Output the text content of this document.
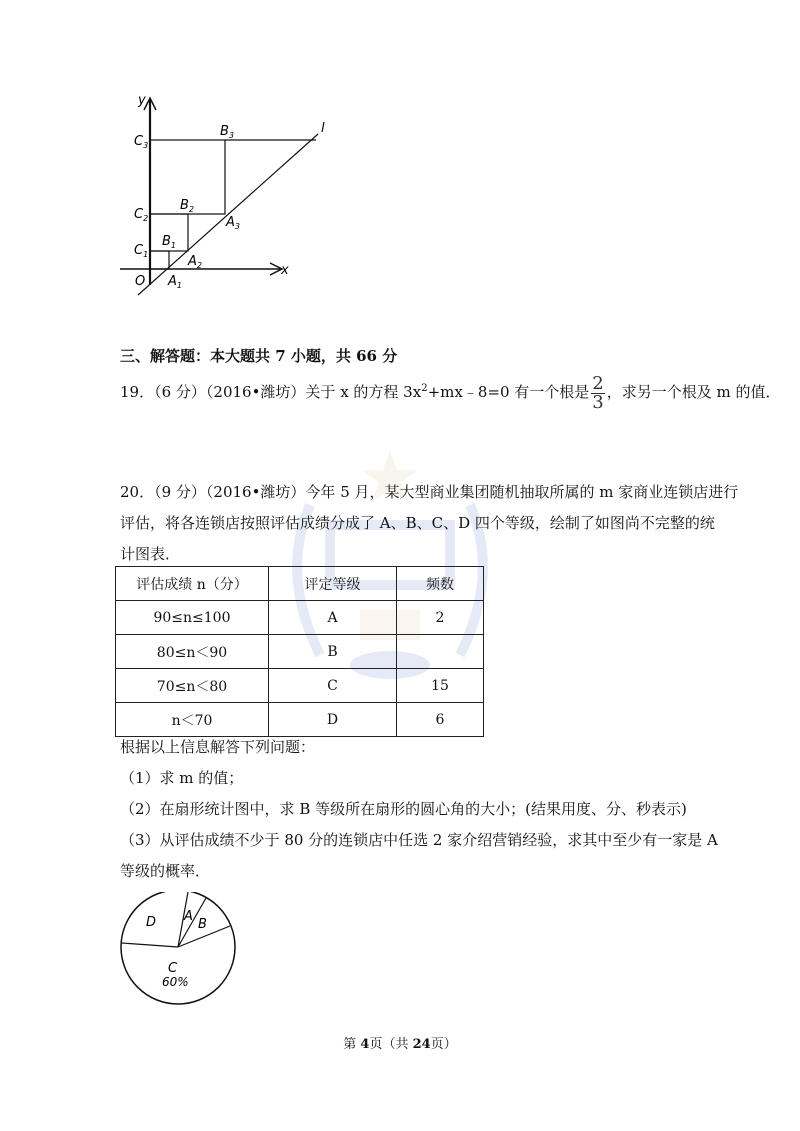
y
x
l
O
$C_3$
$C_2$
$C_1$
$B_3$
$B_2$
$B_1$
$A_3$
$A_2$
$A_1$
三、解答题：本大题共 7 小题，共 66 分
19．（6 分）（2016•潍坊）关于 x 的方程 $3x^2+mx﹣8=0$ 有一个根是 $\frac{2}{3}$ ，求另一个根及 m 的值．
20．（9 分）（2016•潍坊）今年 5 月，某大型商业集团随机抽取所属的 m 家商业连锁店进行
评估，将各连锁店按照评估成绩分成了 A、B、C、D 四个等级，绘制了如图尚不完整的统
计图表．
评估成绩 n（分）	评定等级	频数
90≤n≤100	A	2
80≤n＜90	B	
70≤n＜80	C	15
n＜70	D	6
根据以上信息解答下列问题：
（1）求 m 的值；
（2）在扇形统计图中，求 B 等级所在扇形的圆心角的大小；(结果用度、分、秒表示)
（3）从评估成绩不少于 80 分的连锁店中任选 2 家介绍营销经验，求其中至少有一家是 A
等级的概率．
D A
B
C
60%
第 4页（共 24页）
